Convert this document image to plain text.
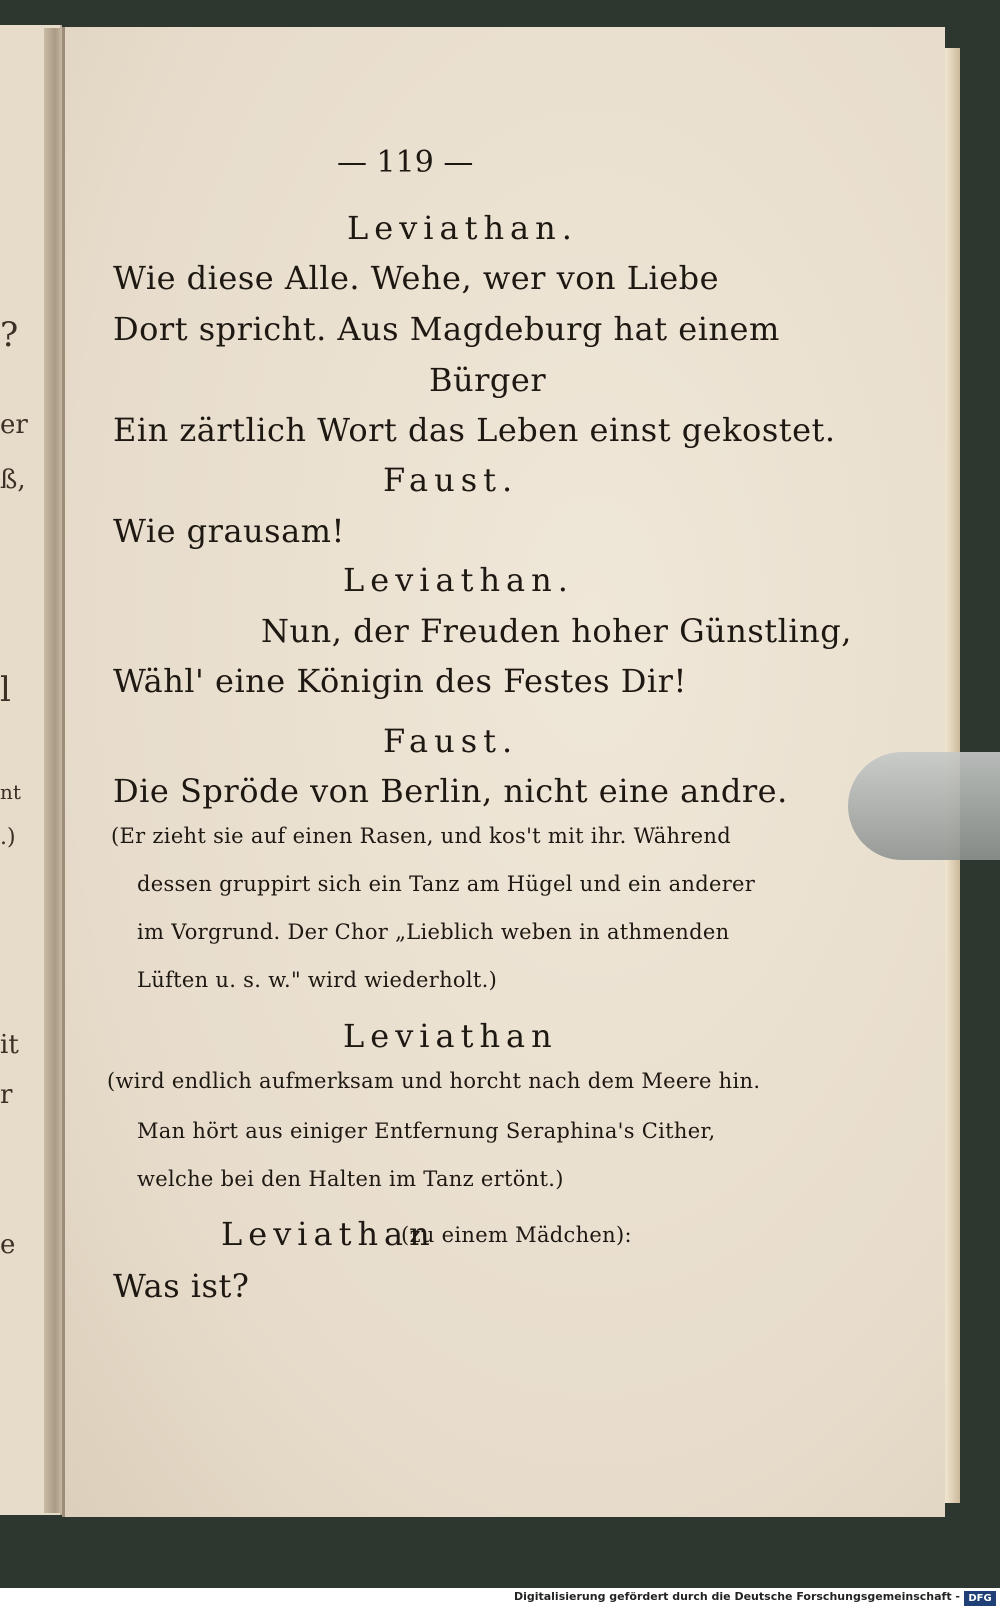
?
er
ß,
l
nt
.)
it
r
e
— 119 —
Leviathan.
Wie diese Alle. Wehe, wer von Liebe
Dort spricht. Aus Magdeburg hat einem
Bürger
Ein zärtlich Wort das Leben einst gekostet.
Faust.
Wie grausam!
Leviathan.
Nun, der Freuden hoher Günstling,
Wähl' eine Königin des Festes Dir!
Faust.
Die Spröde von Berlin, nicht eine andre.
(Er zieht sie auf einen Rasen, und kos't mit ihr. Während
dessen gruppirt sich ein Tanz am Hügel und ein anderer
im Vorgrund. Der Chor „Lieblich weben in athmenden
Lüften u. s. w." wird wiederholt.)
Leviathan
(wird endlich aufmerksam und horcht nach dem Meere hin.
Man hört aus einiger Entfernung Seraphina's Cither,
welche bei den Halten im Tanz ertönt.)
Leviathan
(zu einem Mädchen):
Was ist?
Digitalisierung gefördert durch die Deutsche Forschungsgemeinschaft - DFG
